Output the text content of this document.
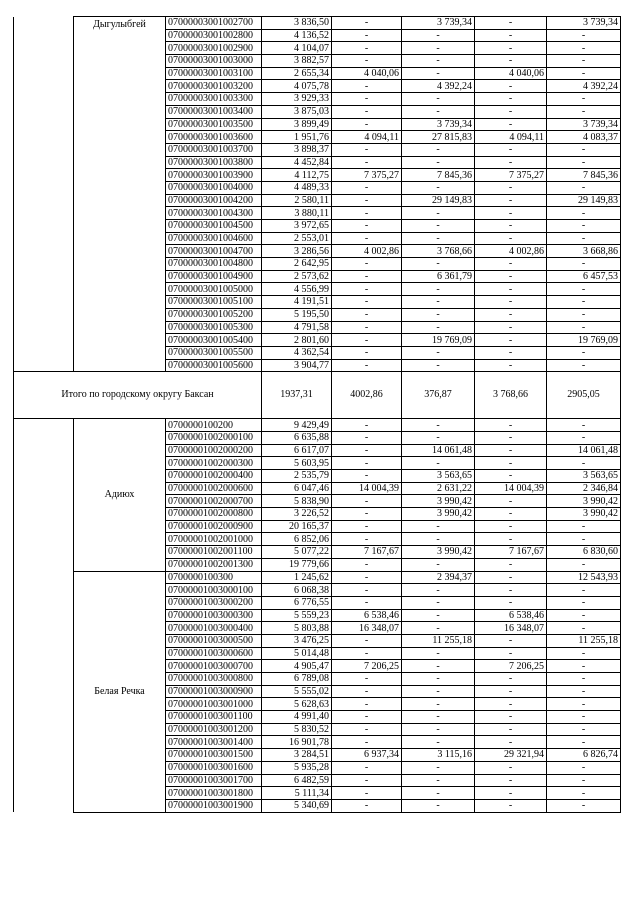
	Дыгулыбгей	07000003001002700	3 836,50	-	3 739,34	-	3 739,34
		07000003001002800	4 136,52	-	-	-	-
		07000003001002900	4 104,07	-	-	-	-
		07000003001003000	3 882,57	-	-	-	-
		07000003001003100	2 655,34	4 040,06	-	4 040,06	-
		07000003001003200	4 075,78	-	4 392,24	-	4 392,24
		07000003001003300	3 929,33	-	-	-	-
		07000003001003400	3 875,03	-	-	-	-
		07000003001003500	3 899,49	-	3 739,34	-	3 739,34
		07000003001003600	1 951,76	4 094,11	27 815,83	4 094,11	4 083,37
		07000003001003700	3 898,37	-	-	-	-
		07000003001003800	4 452,84	-	-	-	-
		07000003001003900	4 112,75	7 375,27	7 845,36	7 375,27	7 845,36
		07000003001004000	4 489,33	-	-	-	-
		07000003001004200	2 580,11	-	29 149,83	-	29 149,83
		07000003001004300	3 880,11	-	-	-	-
		07000003001004500	3 972,65	-	-	-	-
		07000003001004600	2 553,01	-	-	-	-
		07000003001004700	3 286,56	4 002,86	3 768,66	4 002,86	3 668,86
		07000003001004800	2 642,95	-	-	-	-
		07000003001004900	2 573,62	-	6 361,79	-	6 457,53
		07000003001005000	4 556,99	-	-	-	-
		07000003001005100	4 191,51	-	-	-	-
		07000003001005200	5 195,50	-	-	-	-
		07000003001005300	4 791,58	-	-	-	-
		07000003001005400	2 801,60	-	19 769,09	-	19 769,09
		07000003001005500	4 362,54	-	-	-	-
		07000003001005600	3 904,77	-	-	-	-
Итого по городскому округу Баксан			1937,31	4002,86	376,87	3 768,66	2905,05
	Адиюх	0700000100200	9 429,49	-	-	-	-
		07000001002000100	6 635,88	-	-	-	-
		07000001002000200	6 617,07	-	14 061,48	-	14 061,48
		07000001002000300	5 603,95	-	-	-	-
		07000001002000400	2 535,79	-	3 563,65	-	3 563,65
		07000001002000600	6 047,46	14 004,39	2 631,22	14 004,39	2 346,84
		07000001002000700	5 838,90	-	3 990,42	-	3 990,42
		07000001002000800	3 226,52	-	3 990,42	-	3 990,42
		07000001002000900	20 165,37	-	-	-	-
		07000001002001000	6 852,06	-	-	-	-
		07000001002001100	5 077,22	7 167,67	3 990,42	7 167,67	6 830,60
		07000001002001300	19 779,66	-	-	-	-
	Белая Речка	0700000100300	1 245,62	-	2 394,37	-	12 543,93
		07000001003000100	6 068,38	-	-	-	-
		07000001003000200	6 776,55	-	-	-	-
		07000001003000300	5 559,23	6 538,46	-	6 538,46	-
		07000001003000400	5 803,88	16 348,07	-	16 348,07	-
		07000001003000500	3 476,25	-	11 255,18	-	11 255,18
		07000001003000600	5 014,48	-	-	-	-
		07000001003000700	4 905,47	7 206,25	-	7 206,25	-
		07000001003000800	6 789,08	-	-	-	-
		07000001003000900	5 555,02	-	-	-	-
		07000001003001000	5 628,63	-	-	-	-
		07000001003001100	4 991,40	-	-	-	-
		07000001003001200	5 830,52	-	-	-	-
		07000001003001400	16 901,78	-	-	-	-
		07000001003001500	3 284,51	6 937,34	3 115,16	29 321,94	6 826,74
		07000001003001600	5 935,28	-	-	-	-
		07000001003001700	6 482,59	-	-	-	-
		07000001003001800	5 111,34	-	-	-	-
		07000001003001900	5 340,69	-	-	-	-
